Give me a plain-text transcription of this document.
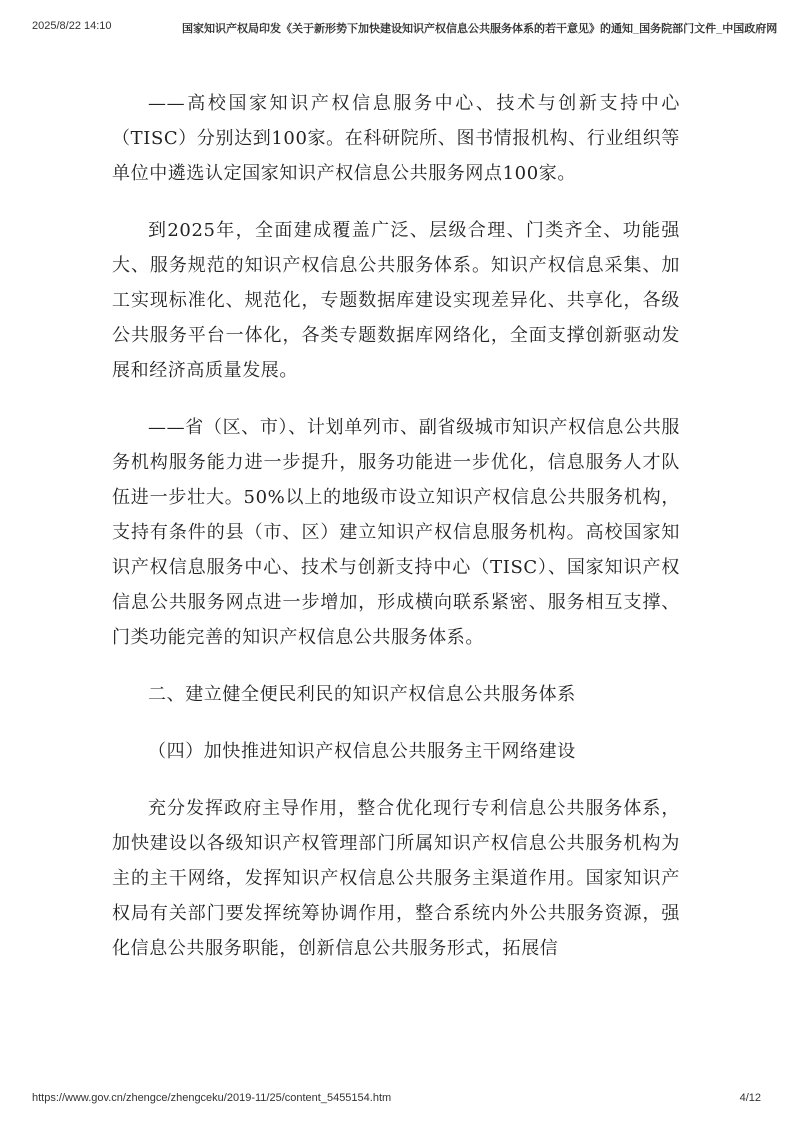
2025/8/22 14:10	国家知识产权局印发《关于新形势下加快建设知识产权信息公共服务体系的若干意见》的通知_国务院部门文件_中国政府网

——高校国家知识产权信息服务中心、技术与创新支持中心（TISC）分别达到100家。在科研院所、图书情报机构、行业组织等单位中遴选认定国家知识产权信息公共服务网点100家。

到2025年，全面建成覆盖广泛、层级合理、门类齐全、功能强大、服务规范的知识产权信息公共服务体系。知识产权信息采集、加工实现标准化、规范化，专题数据库建设实现差异化、共享化，各级公共服务平台一体化，各类专题数据库网络化，全面支撑创新驱动发展和经济高质量发展。

——省（区、市）、计划单列市、副省级城市知识产权信息公共服务机构服务能力进一步提升，服务功能进一步优化，信息服务人才队伍进一步壮大。50%以上的地级市设立知识产权信息公共服务机构，支持有条件的县（市、区）建立知识产权信息服务机构。高校国家知识产权信息服务中心、技术与创新支持中心（TISC）、国家知识产权信息公共服务网点进一步增加，形成横向联系紧密、服务相互支撑、门类功能完善的知识产权信息公共服务体系。

二、建立健全便民利民的知识产权信息公共服务体系

（四）加快推进知识产权信息公共服务主干网络建设

充分发挥政府主导作用，整合优化现行专利信息公共服务体系，加快建设以各级知识产权管理部门所属知识产权信息公共服务机构为主的主干网络，发挥知识产权信息公共服务主渠道作用。国家知识产权局有关部门要发挥统筹协调作用，整合系统内外公共服务资源，强化信息公共服务职能，创新信息公共服务形式，拓展信

https://www.gov.cn/zhengce/zhengceku/2019-11/25/content_5455154.htm	4/12
